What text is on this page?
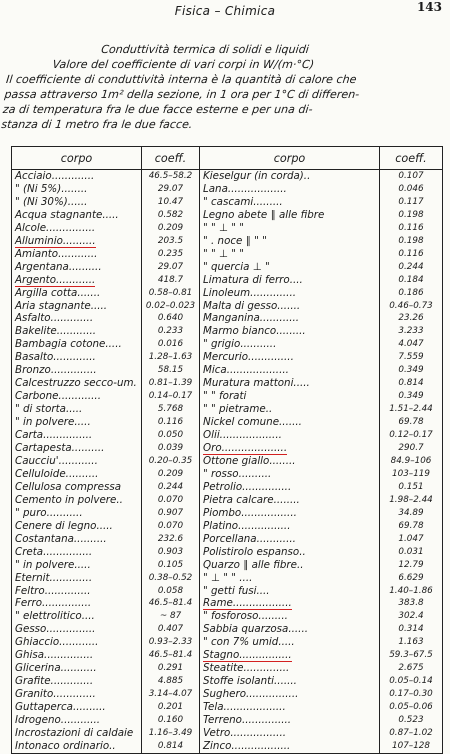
Fisica – Chimica	143
Conduttività termica di solidi e liquidi
Valore del coefficiente di vari corpi in W/(m·°C)
Il coefficiente di conduttività interna è la quantità di calore che
passa attraverso 1m² della sezione, in 1 ora per 1°C di differen-
za di temperatura fra le due facce esterne e per una di-
stanza di 1 metro fra le due facce.
corpo	coeff.	corpo	coeff.
Acciaio.............	46.5–58.2	Kieselgur (in corda)..	0.107
" (Ni 5%)........	29.07	Lana..................	0.046
" (Ni 30%)......	10.47	" cascami.........	0.117
Acqua stagnante.....	0.582	Legno abete ∥ alle fibre	0.198
Alcole...............	0.209	" " ⊥ " "	0.116
Alluminio..........	203.5	" . noce ∥ " "	0.198
Amianto............	0.235	" " ⊥ " "	0.116
Argentana..........	29.07	" quercia ⊥ "	0.244
Argento............	418.7	Limatura di ferro....	0.184
Argilla cotta.......	0.58–0.81	Linoleum..............	0.186
Aria stagnante.....	0.02–0.023	Malta di gesso.......	0.46–0.73
Asfalto.............	0.640	Manganina............	23.26
Bakelite............	0.233	Marmo bianco.........	3.233
Bambagia cotone.....	0.016	" grigio...........	4.047
Basalto.............	1.28–1.63	Mercurio..............	7.559
Bronzo..............	58.15	Mica...................	0.349
Calcestruzzo secco-um.	0.81–1.39	Muratura mattoni.....	0.814
Carbone.............	0.14–0.17	" " forati	0.349
" di storta.....	5.768	" " pietrame..	1.51–2.44
" in polvere.....	0.116	Nickel comune.......	69.78
Carta...............	0.050	Olii...................	0.12–0.17
Cartapesta..........	0.039	Oro....................	290.7
Caucciu'............	0.20–0.35	Ottone giallo........	84.9–106
Celluloide..........	0.209	" rosso..........	103–119
Cellulosa compressa	0.244	Petrolio...............	0.151
Cemento in polvere..	0.070	Pietra calcare........	1.98–2.44
" puro...........	0.907	Piombo.................	34.89
Cenere di legno.....	0.070	Platino................	69.78
Costantana..........	232.6	Porcellana............	1.047
Creta...............	0.903	Polistirolo espanso..	0.031
" in polvere.....	0.105	Quarzo ∥ alle fibre..	12.79
Eternit.............	0.38–0.52	" ⊥ " " ....	6.629
Feltro..............	0.058	" getti fusi....	1.40–1.86
Ferro...............	46.5–81.4	Rame..................	383.8
" elettrolitico....	~ 87	" fosforoso.........	302.4
Gesso...............	0.407	Sabbia quarzosa......	0.314
Ghiaccio............	0.93–2.33	" con 7% umid.....	1.163
Ghisa...............	46.5–81.4	Stagno................	59.3–67.5
Glicerina...........	0.291	Steatite..............	2.675
Grafite.............	4.885	Stoffe isolanti.......	0.05–0.14
Granito.............	3.14–4.07	Sughero................	0.17–0.30
Guttaperca..........	0.201	Tela...................	0.05–0.06
Idrogeno............	0.160	Terreno...............	0.523
Incrostazioni di caldaie	1.16–3.49	Vetro.................	0.87–1.02
Intonaco ordinario..	0.814	Zinco..................	107–128
